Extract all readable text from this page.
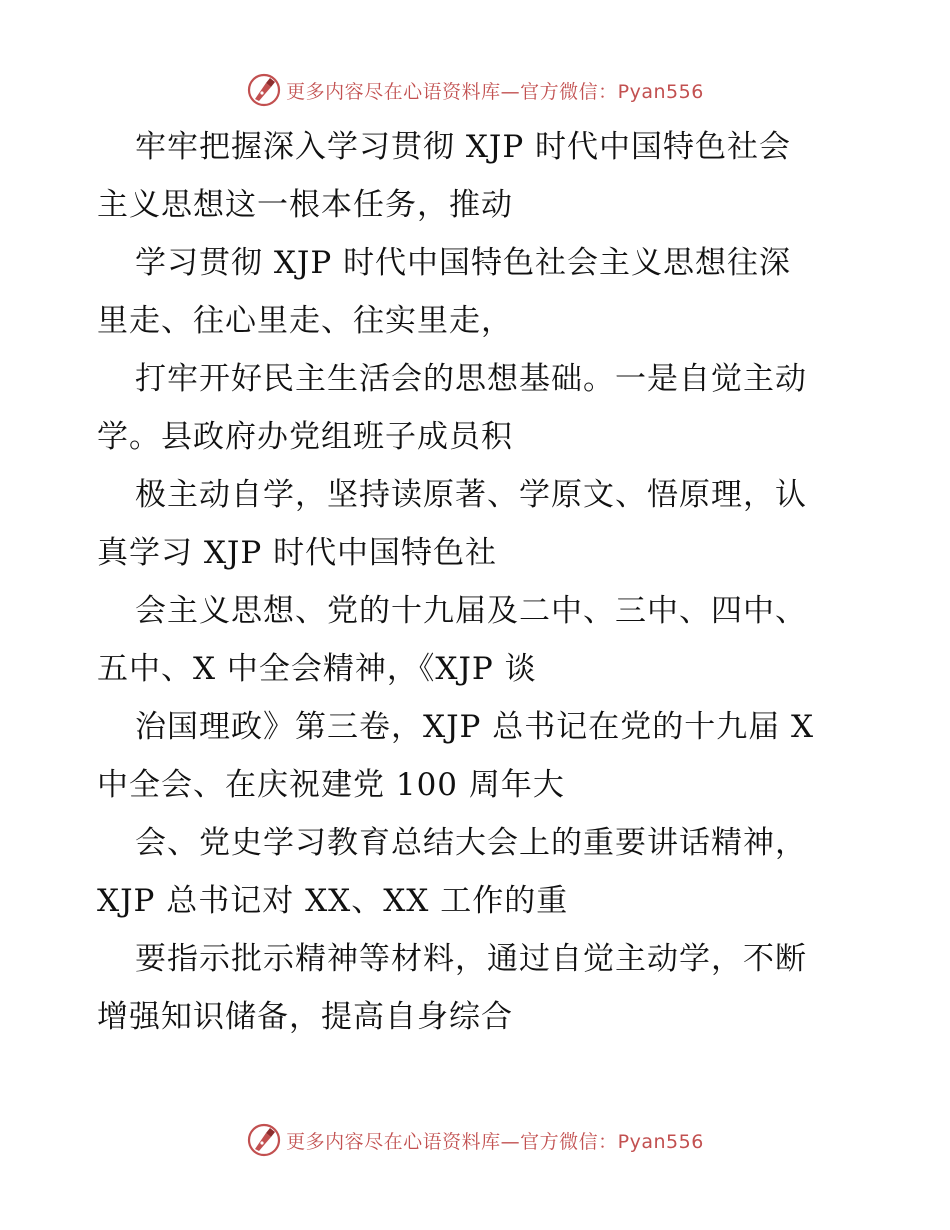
更多内容尽在心语资料库—官方微信：Pyan556
牢牢把握深入学习贯彻 XJP 时代中国特色社会
主义思想这一根本任务，推动
学习贯彻 XJP 时代中国特色社会主义思想往深
里走、往心里走、往实里走，
打牢开好民主生活会的思想基础。一是自觉主动
学。县政府办党组班子成员积
极主动自学，坚持读原著、学原文、悟原理，认
真学习 XJP 时代中国特色社
会主义思想、党的十九届及二中、三中、四中、
五中、X 中全会精神，《XJP 谈
治国理政》第三卷，XJP 总书记在党的十九届 X
中全会、在庆祝建党 100 周年大
会、党史学习教育总结大会上的重要讲话精神，
XJP 总书记对 XX、XX 工作的重
要指示批示精神等材料，通过自觉主动学，不断
增强知识储备，提高自身综合
更多内容尽在心语资料库—官方微信：Pyan556
